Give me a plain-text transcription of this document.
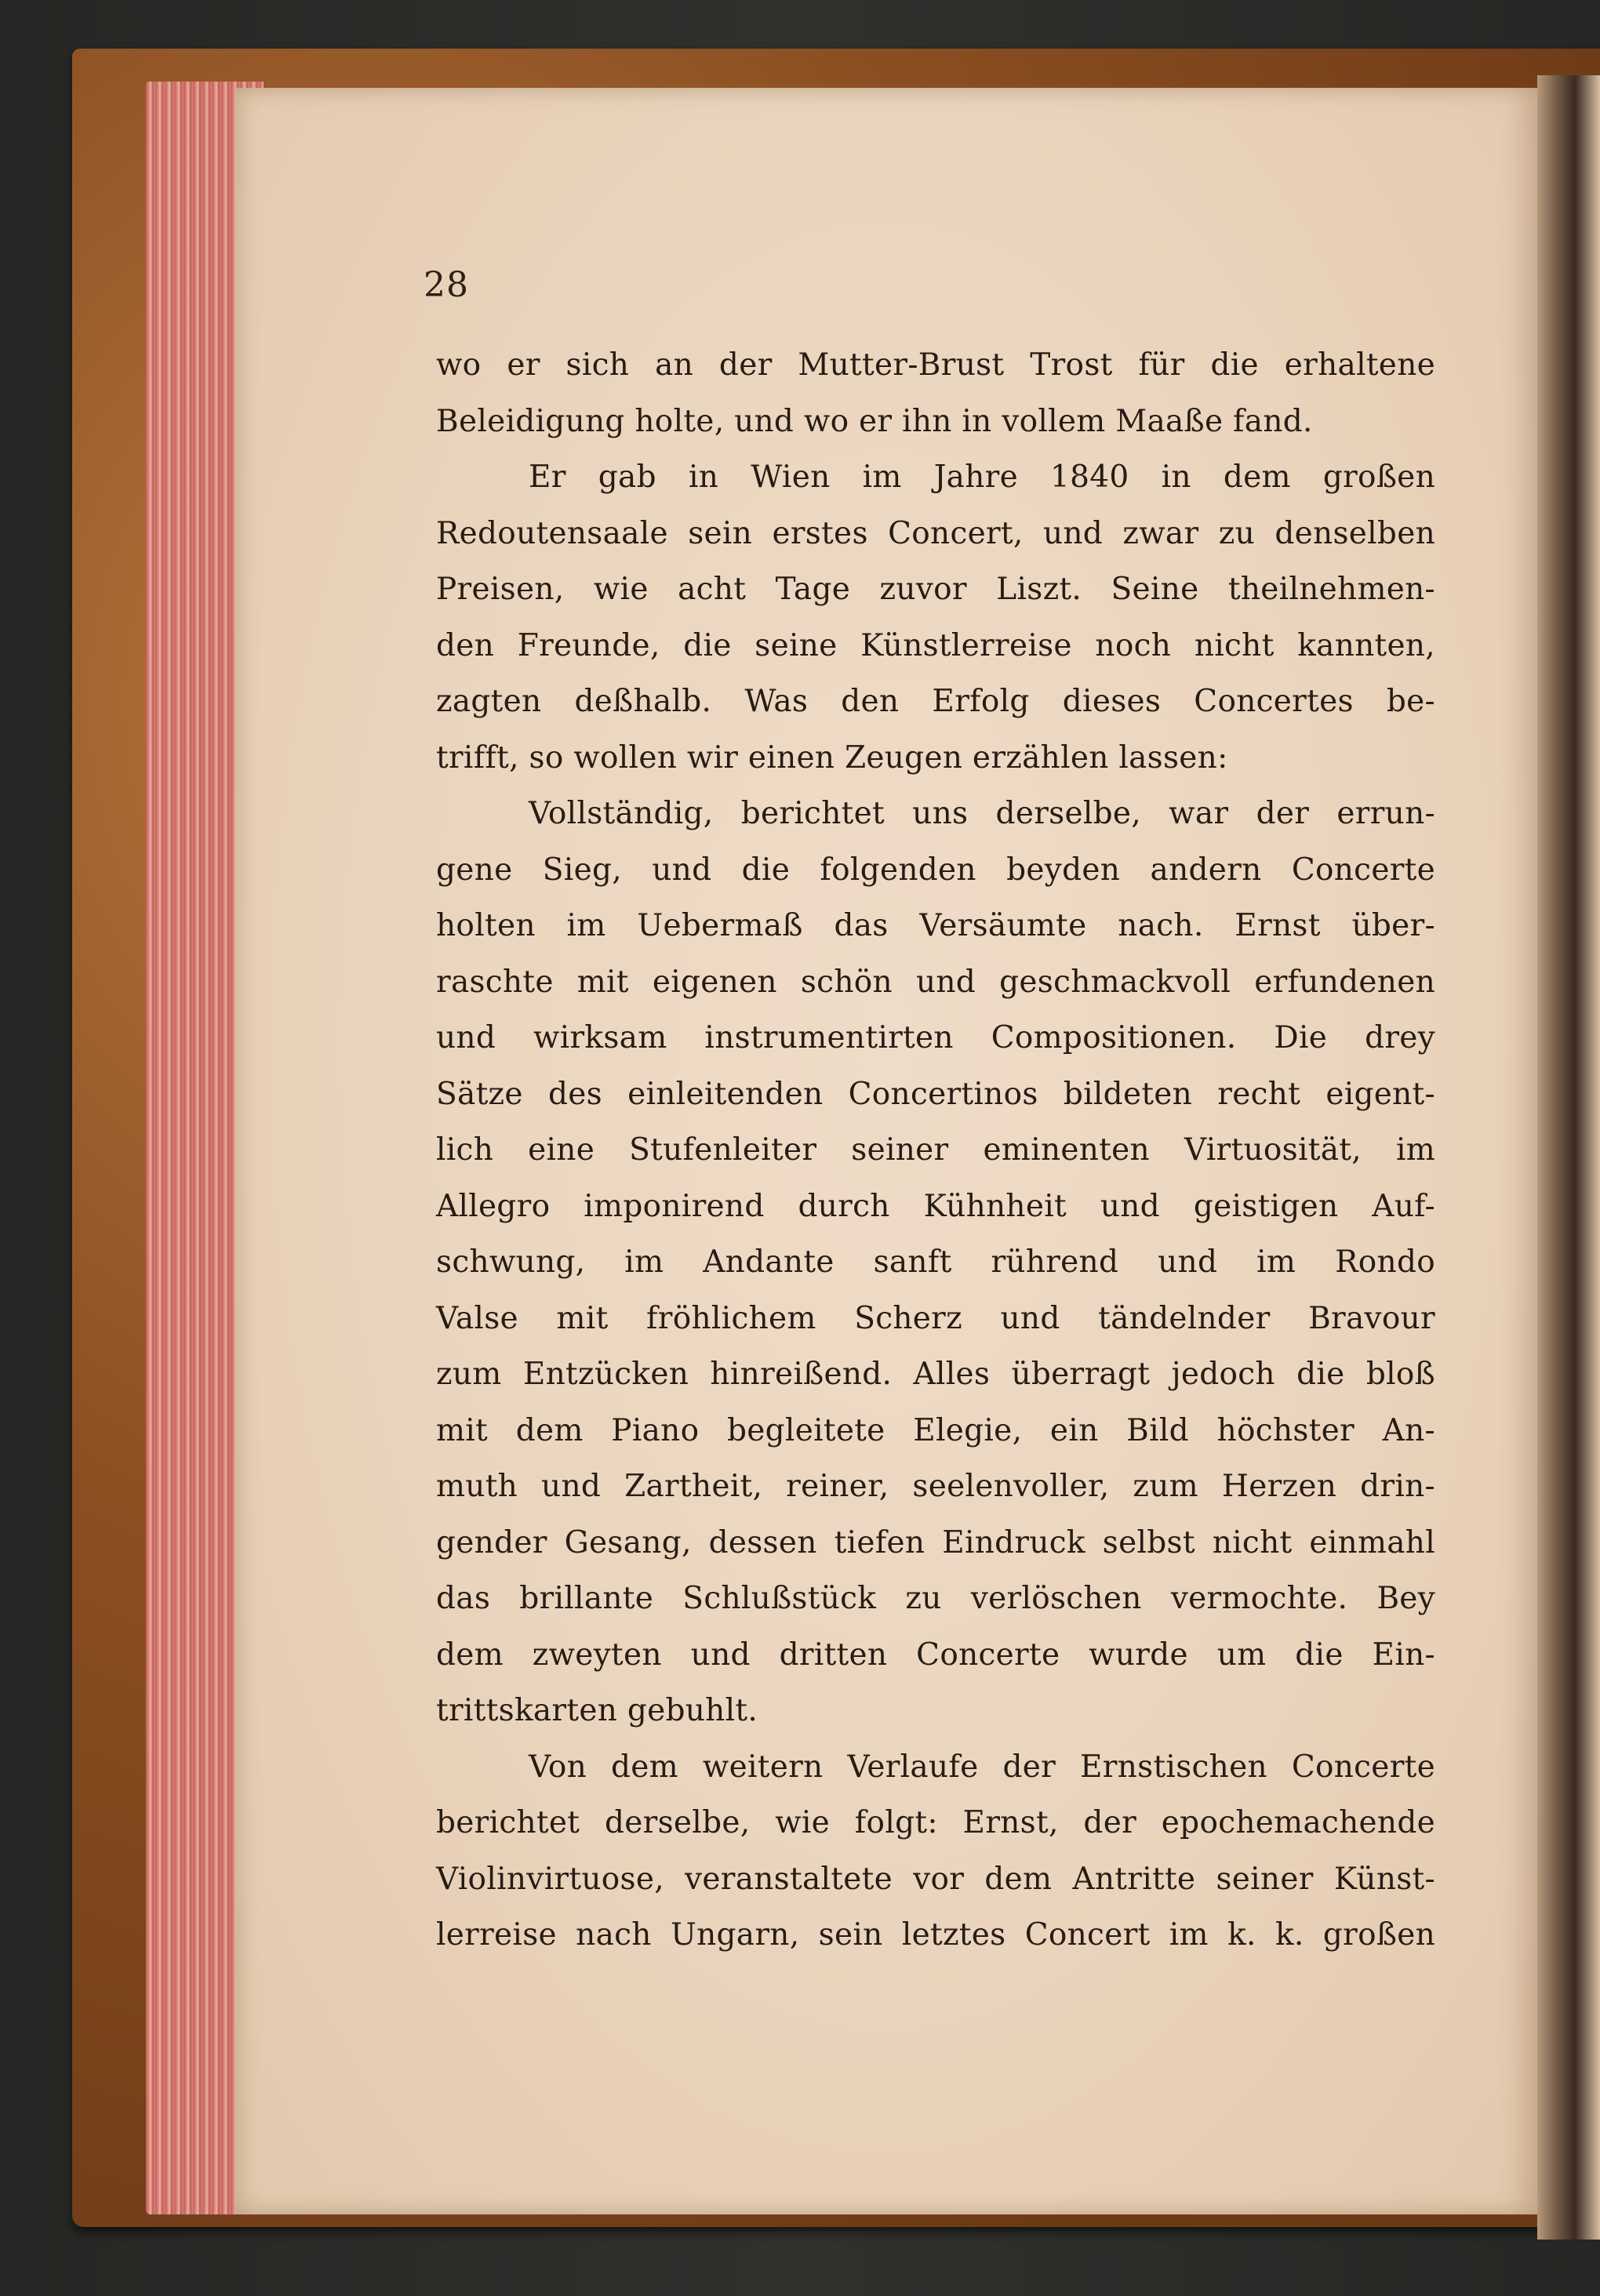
28
wo er sich an der Mutter-Brust Trost für die erhaltene
Beleidigung holte, und wo er ihn in vollem Maaße fand.
Er gab in Wien im Jahre 1840 in dem großen
Redoutensaale sein erstes Concert, und zwar zu denselben
Preisen, wie acht Tage zuvor Liszt. Seine theilnehmen-
den Freunde, die seine Künstlerreise noch nicht kannten,
zagten deßhalb. Was den Erfolg dieses Concertes be-
trifft, so wollen wir einen Zeugen erzählen lassen:
Vollständig, berichtet uns derselbe, war der errun-
gene Sieg, und die folgenden beyden andern Concerte
holten im Uebermaß das Versäumte nach. Ernst über-
raschte mit eigenen schön und geschmackvoll erfundenen
und wirksam instrumentirten Compositionen. Die drey
Sätze des einleitenden Concertinos bildeten recht eigent-
lich eine Stufenleiter seiner eminenten Virtuosität, im
Allegro imponirend durch Kühnheit und geistigen Auf-
schwung, im Andante sanft rührend und im Rondo
Valse mit fröhlichem Scherz und tändelnder Bravour
zum Entzücken hinreißend. Alles überragt jedoch die bloß
mit dem Piano begleitete Elegie, ein Bild höchster An-
muth und Zartheit, reiner, seelenvoller, zum Herzen drin-
gender Gesang, dessen tiefen Eindruck selbst nicht einmahl
das brillante Schlußstück zu verlöschen vermochte. Bey
dem zweyten und dritten Concerte wurde um die Ein-
trittskarten gebuhlt.
Von dem weitern Verlaufe der Ernstischen Concerte
berichtet derselbe, wie folgt: Ernst, der epochemachende
Violinvirtuose, veranstaltete vor dem Antritte seiner Künst-
lerreise nach Ungarn, sein letztes Concert im k. k. großen
